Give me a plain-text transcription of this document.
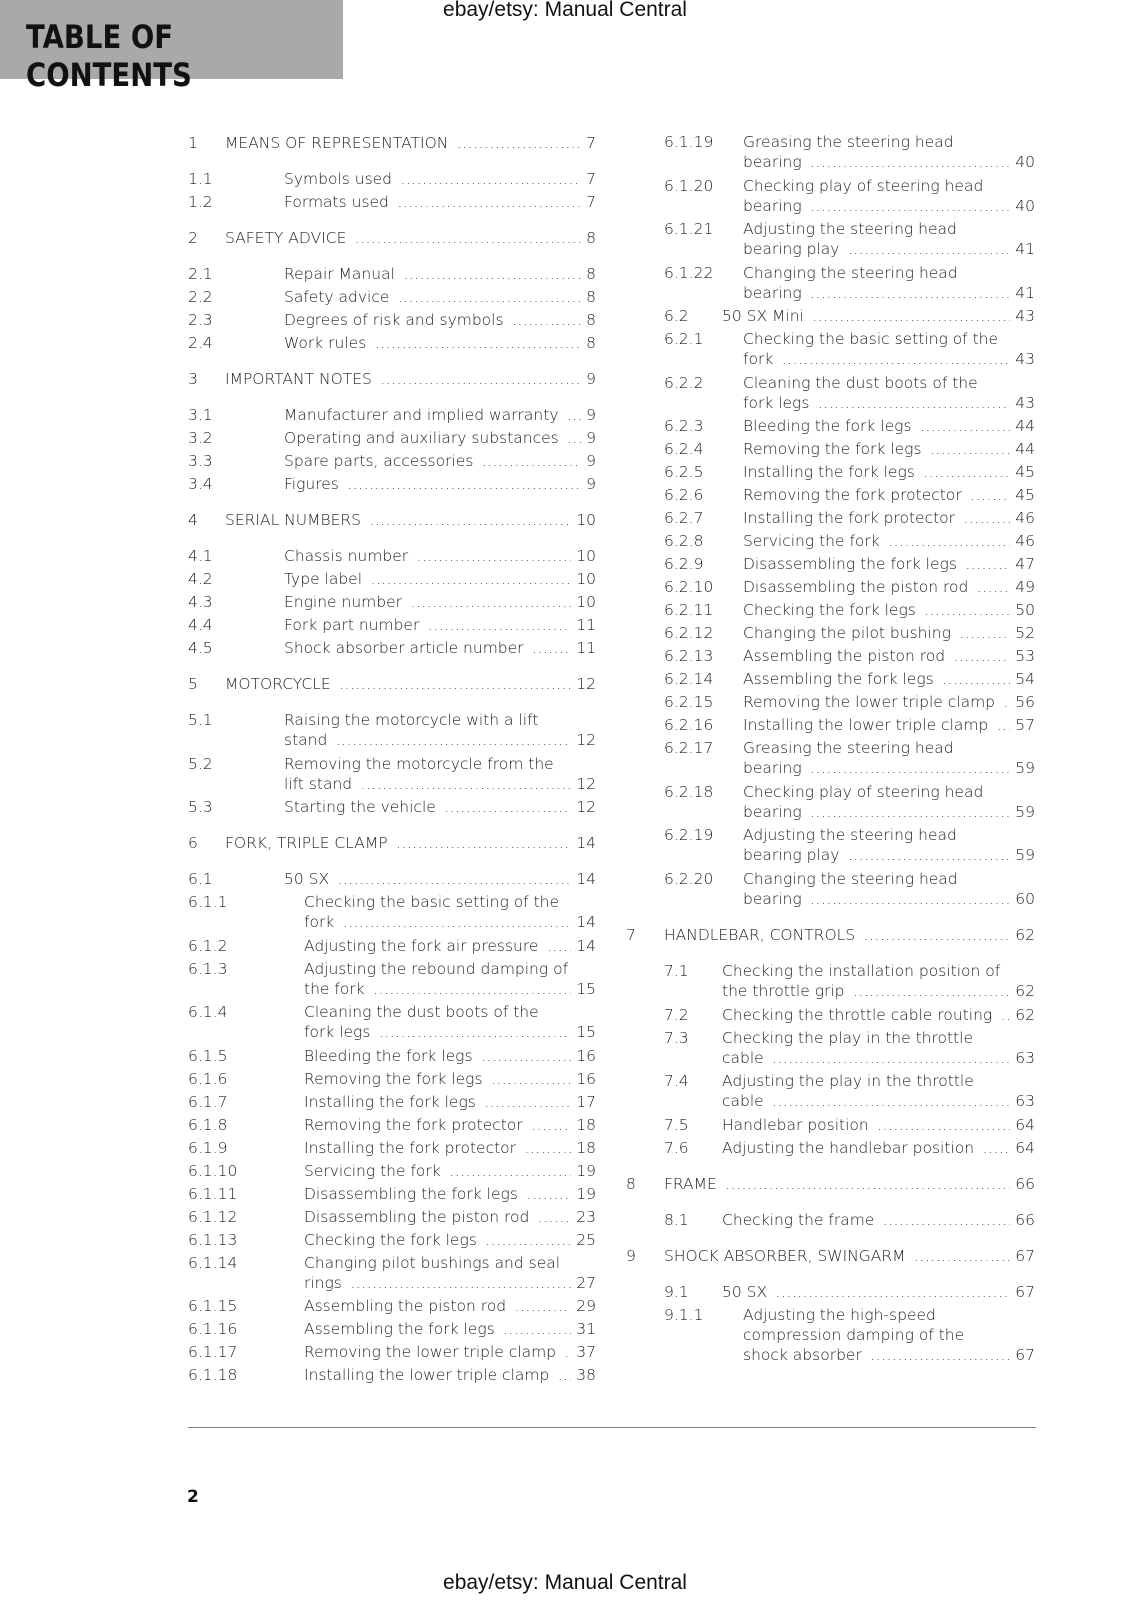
TABLE OF CONTENTS
ebay/etsy: Manual Central
1 MEANS OF REPRESENTATION .....	7
1.1	Symbols used .....	7
1.2	Formats used .....	7
2 SAFETY ADVICE .....	8
2.1	Repair Manual .....	8
2.2	Safety advice .....	8
2.3	Degrees of risk and symbols .....	8
2.4	Work rules .....	8
3 IMPORTANT NOTES .....	9
3.1	Manufacturer and implied warranty .....	9
3.2	Operating and auxiliary substances .....	9
3.3	Spare parts, accessories .....	9
3.4	Figures .....	9
4 SERIAL NUMBERS .....	10
4.1	Chassis number .....	10
4.2	Type label .....	10
4.3	Engine number .....	10
4.4	Fork part number .....	11
4.5	Shock absorber article number .....	11
5 MOTORCYCLE .....	12
5.1	Raising the motorcycle with a lift
stand .....	12
5.2	Removing the motorcycle from the
lift stand .....	12
5.3	Starting the vehicle .....	12
6 FORK, TRIPLE CLAMP .....	14
6.1	50 SX .....	14
6.1.1	Checking the basic setting of the
fork .....	14
6.1.2	Adjusting the fork air pressure .....	14
6.1.3	Adjusting the rebound damping of
the fork .....	15
6.1.4	Cleaning the dust boots of the
fork legs .....	15
6.1.5	Bleeding the fork legs .....	16
6.1.6	Removing the fork legs .....	16
6.1.7	Installing the fork legs .....	17
6.1.8	Removing the fork protector .....	18
6.1.9	Installing the fork protector .....	18
6.1.10	Servicing the fork .....	19
6.1.11	Disassembling the fork legs .....	19
6.1.12	Disassembling the piston rod .....	23
6.1.13	Checking the fork legs .....	25
6.1.14	Changing pilot bushings and seal
rings .....	27
6.1.15	Assembling the piston rod .....	29
6.1.16	Assembling the fork legs .....	31
6.1.17	Removing the lower triple clamp .....	37
6.1.18	Installing the lower triple clamp .....	38
6.1.19 Greasing the steering head
bearing .....	40
6.1.20 Checking play of steering head
bearing .....	40
6.1.21 Adjusting the steering head
bearing play .....	41
6.1.22 Changing the steering head
bearing .....	41
6.2 50 SX Mini .....	43
6.2.1	Checking the basic setting of the
fork .....	43
6.2.2	Cleaning the dust boots of the
fork legs .....	43
6.2.3	Bleeding the fork legs .....	44
6.2.4	Removing the fork legs .....	44
6.2.5	Installing the fork legs .....	45
6.2.6	Removing the fork protector .....	45
6.2.7	Installing the fork protector .....	46
6.2.8	Servicing the fork .....	46
6.2.9	Disassembling the fork legs .....	47
6.2.10 Disassembling the piston rod .....	49
6.2.11 Checking the fork legs .....	50
6.2.12 Changing the pilot bushing .....	52
6.2.13 Assembling the piston rod .....	53
6.2.14 Assembling the fork legs .....	54
6.2.15 Removing the lower triple clamp .....	56
6.2.16 Installing the lower triple clamp .....	57
6.2.17 Greasing the steering head
bearing .....	59
6.2.18 Checking play of steering head
bearing .....	59
6.2.19 Adjusting the steering head
bearing play .....	59
6.2.20 Changing the steering head
bearing .....	60
7 HANDLEBAR, CONTROLS .....	62
7.1 Checking the installation position of
the throttle grip .....	62
7.2 Checking the throttle cable routing .....	62
7.3 Checking the play in the throttle
cable .....	63
7.4 Adjusting the play in the throttle
cable .....	63
7.5 Handlebar position .....	64
7.6 Adjusting the handlebar position .....	64
8 FRAME .....	66
8.1 Checking the frame .....	66
9 SHOCK ABSORBER, SWINGARM .....	67
9.1 50 SX .....	67
9.1.1	Adjusting the high-speed
compression damping of the
shock absorber .....	67
2
ebay/etsy: Manual Central
